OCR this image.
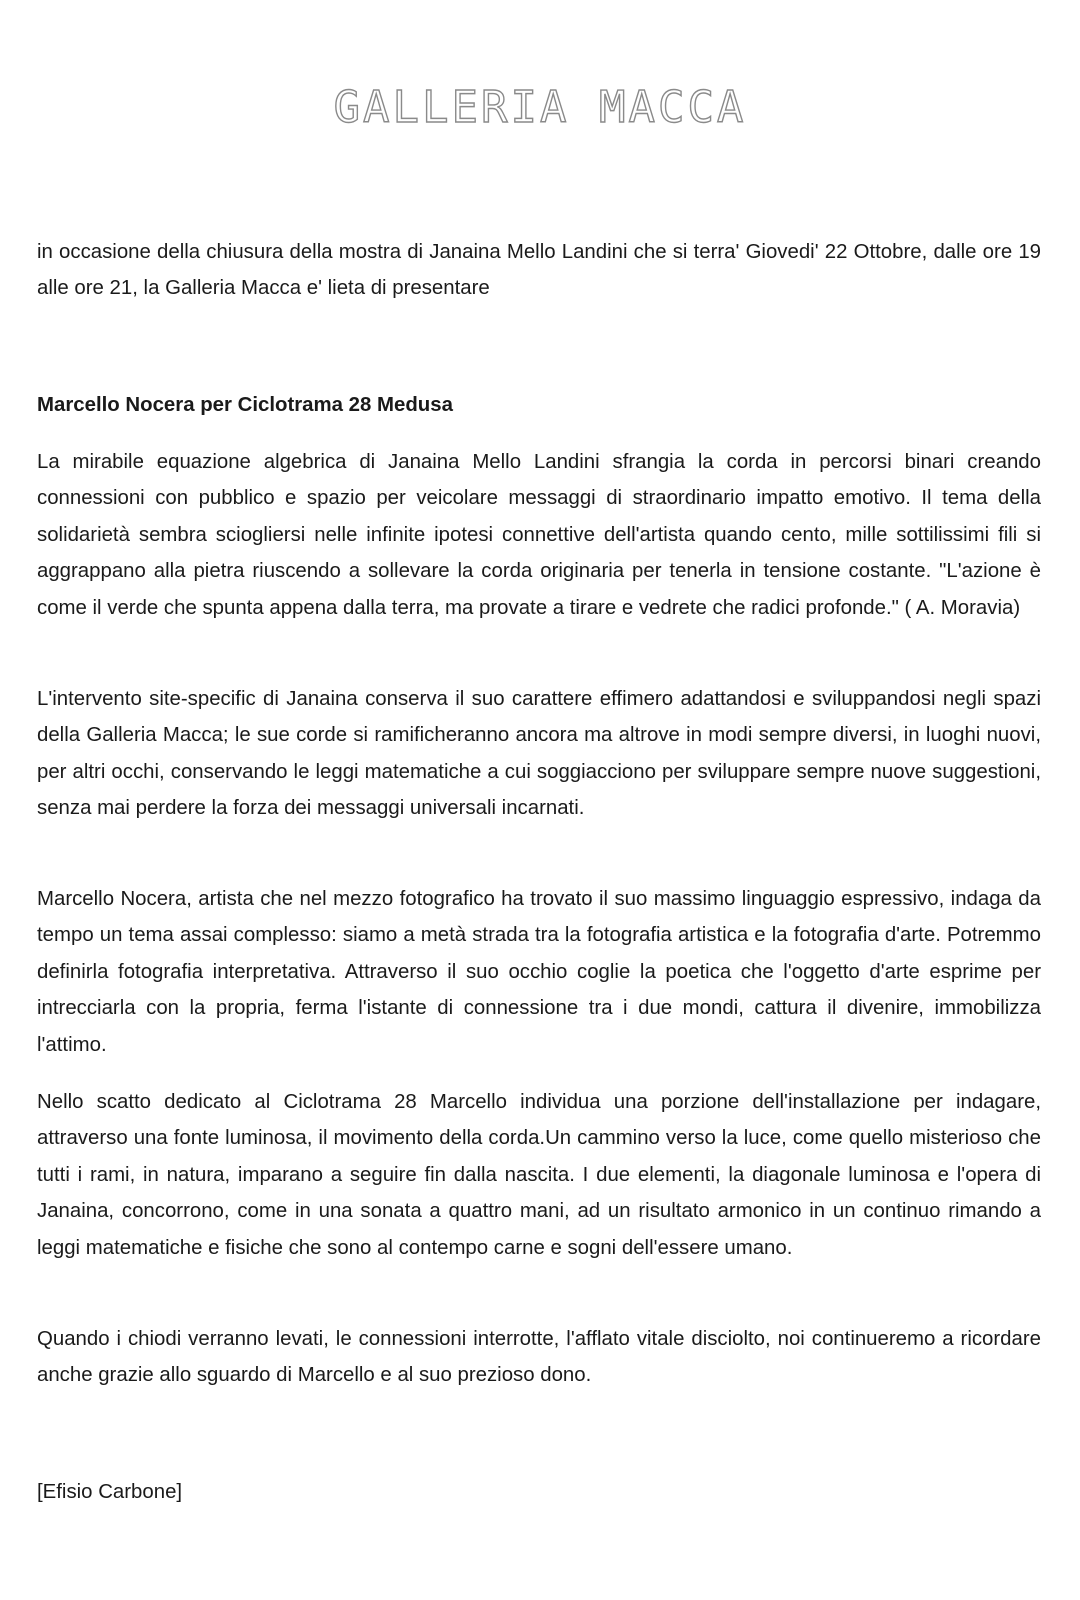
GALLERIA MACCA

in occasione della chiusura della mostra di Janaina Mello Landini che si terra' Giovedi' 22 Ottobre, dalle ore 19 alle ore 21, la Galleria Macca e' lieta di presentare

Marcello Nocera per Ciclotrama 28 Medusa

La mirabile equazione algebrica di Janaina Mello Landini sfrangia la corda in percorsi binari creando connessioni con pubblico e spazio per veicolare messaggi di straordinario impatto emotivo. Il tema della solidarietà sembra sciogliersi nelle infinite ipotesi connettive dell'artista quando cento, mille sottilissimi fili si aggrappano alla pietra riuscendo a sollevare la corda originaria per tenerla in tensione costante. "L'azione è come il verde che spunta appena dalla terra, ma provate a tirare e vedrete che radici profonde." ( A. Moravia)

L'intervento site-specific di Janaina conserva il suo carattere effimero adattandosi e sviluppandosi negli spazi della Galleria Macca; le sue corde si ramificheranno ancora ma altrove in modi sempre diversi, in luoghi nuovi, per altri occhi, conservando le leggi matematiche a cui soggiacciono per sviluppare sempre nuove suggestioni, senza mai perdere la forza dei messaggi universali incarnati.

Marcello Nocera, artista che nel mezzo fotografico ha trovato il suo massimo linguaggio espressivo, indaga da tempo un tema assai complesso: siamo a metà strada tra la fotografia artistica e la fotografia d'arte. Potremmo definirla fotografia interpretativa. Attraverso il suo occhio coglie la poetica che l'oggetto d'arte esprime per intrecciarla con la propria, ferma l'istante di connessione tra i due mondi, cattura il divenire, immobilizza l'attimo.

Nello scatto dedicato al Ciclotrama 28 Marcello individua una porzione dell'installazione per indagare, attraverso una fonte luminosa, il movimento della corda.Un cammino verso la luce, come quello misterioso che tutti i rami, in natura, imparano a seguire fin dalla nascita. I due elementi, la diagonale luminosa e l'opera di Janaina, concorrono, come in una sonata a quattro mani, ad un risultato armonico in un continuo rimando a leggi matematiche e fisiche che sono al contempo carne e sogni dell'essere umano.

Quando i chiodi verranno levati, le connessioni interrotte, l'afflato vitale disciolto, noi continueremo a ricordare anche grazie allo sguardo di Marcello e al suo prezioso dono.

[Efisio Carbone]
